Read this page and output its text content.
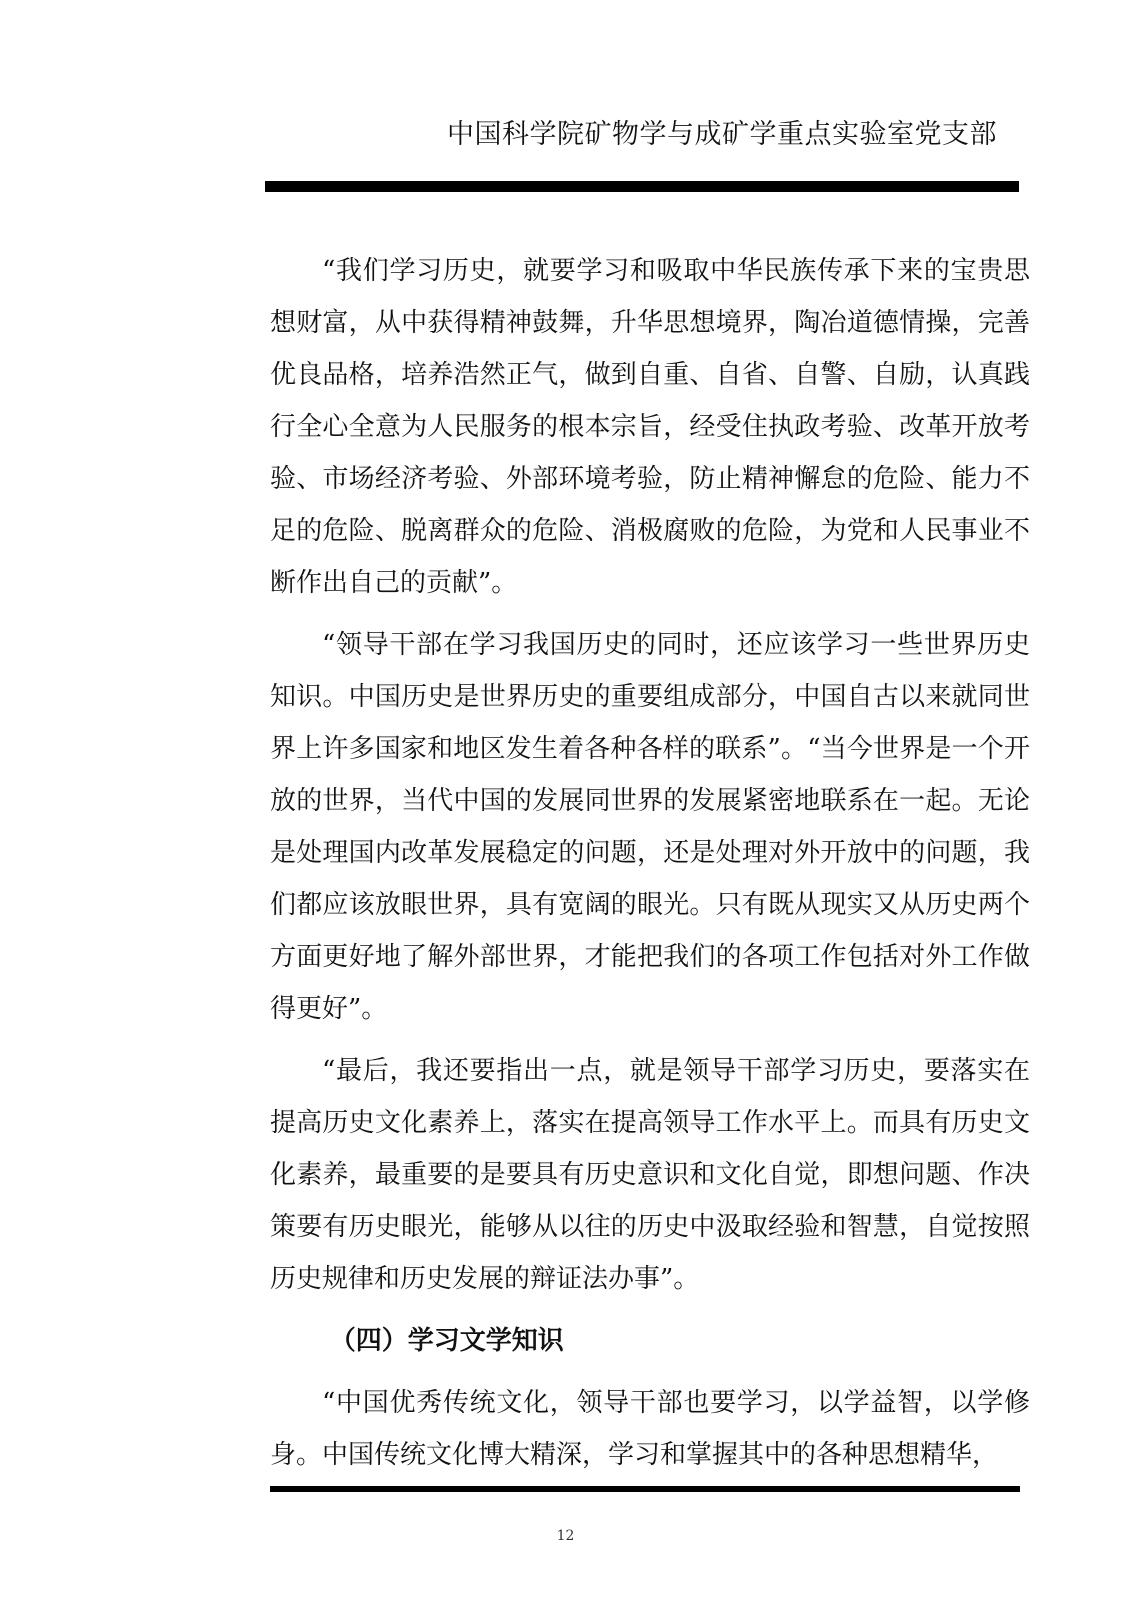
中国科学院矿物学与成矿学重点实验室党支部

“我们学习历史，就要学习和吸取中华民族传承下来的宝贵思想财富，从中获得精神鼓舞，升华思想境界，陶冶道德情操，完善优良品格，培养浩然正气，做到自重、自省、自警、自励，认真践行全心全意为人民服务的根本宗旨，经受住执政考验、改革开放考验、市场经济考验、外部环境考验，防止精神懈怠的危险、能力不足的危险、脱离群众的危险、消极腐败的危险，为党和人民事业不断作出自己的贡献”。

“领导干部在学习我国历史的同时，还应该学习一些世界历史知识。中国历史是世界历史的重要组成部分，中国自古以来就同世界上许多国家和地区发生着各种各样的联系”。“当今世界是一个开放的世界，当代中国的发展同世界的发展紧密地联系在一起。无论是处理国内改革发展稳定的问题，还是处理对外开放中的问题，我们都应该放眼世界，具有宽阔的眼光。只有既从现实又从历史两个方面更好地了解外部世界，才能把我们的各项工作包括对外工作做得更好”。

“最后，我还要指出一点，就是领导干部学习历史，要落实在提高历史文化素养上，落实在提高领导工作水平上。而具有历史文化素养，最重要的是要具有历史意识和文化自觉，即想问题、作决策要有历史眼光，能够从以往的历史中汲取经验和智慧，自觉按照历史规律和历史发展的辩证法办事”。

（四）学习文学知识

“中国优秀传统文化，领导干部也要学习，以学益智，以学修身。中国传统文化博大精深，学习和掌握其中的各种思想精华，

12
